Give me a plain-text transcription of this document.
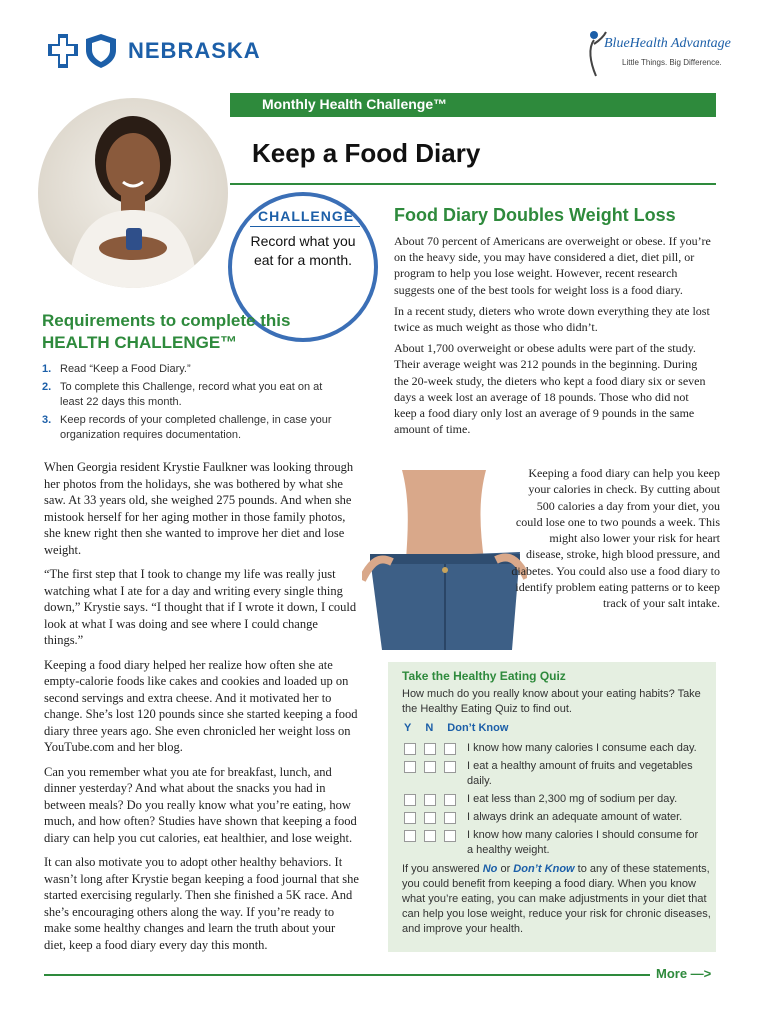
NEBRASKA	BlueHealth Advantage
Little Things. Big Difference.
Monthly Health Challenge™
Keep a Food Diary
CHALLENGE
Record what you eat for a month.
Requirements to complete this HEALTH CHALLENGE™
1. Read “Keep a Food Diary.”
2. To complete this Challenge, record what you eat on at least 22 days this month.
3. Keep records of your completed challenge, in case your organization requires documentation.

When Georgia resident Krystie Faulkner was looking through her photos from the holidays, she was bothered by what she saw. At 33 years old, she weighed 275 pounds. And when she mistook herself for her aging mother in those family photos, she knew right then she wanted to improve her diet and lose weight.

“The first step that I took to change my life was really just watching what I ate for a day and writing every single thing down,” Krystie says. “I thought that if I wrote it down, I could look at what I was doing and see where I could change things.”

Keeping a food diary helped her realize how often she ate empty-calorie foods like cakes and cookies and loaded up on second servings and extra cheese. And it motivated her to change. She’s lost 120 pounds since she started keeping a food diary three years ago. She even chronicled her weight loss on YouTube.com and her blog.

Can you remember what you ate for breakfast, lunch, and dinner yesterday? And what about the snacks you had in between meals? Do you really know what you’re eating, how much, and how often? Studies have shown that keeping a food diary can help you cut calories, eat healthier, and lose weight.

It can also motivate you to adopt other healthy behaviors. It wasn’t long after Krystie began keeping a food journal that she started exercising regularly. Then she finished a 5K race. And she’s encouraging others along the way. If you’re ready to make some healthy changes and learn the truth about your diet, keep a food diary every day this month.

Food Diary Doubles Weight Loss

About 70 percent of Americans are overweight or obese. If you’re on the heavy side, you may have considered a diet, diet pill, or program to help you lose weight. However, recent research suggests one of the best tools for weight loss is a food diary.

In a recent study, dieters who wrote down everything they ate lost twice as much weight as those who didn’t.

About 1,700 overweight or obese adults were part of the study. Their average weight was 212 pounds in the beginning. During the 20-week study, the dieters who kept a food diary six or seven days a week lost an average of 18 pounds. Those who did not keep a food diary only lost an average of 9 pounds in the same amount of time.

Keeping a food diary can help you keep your calories in check. By cutting about 500 calories a day from your diet, you could lose one to two pounds a week. This might also lower your risk for heart disease, stroke, high blood pressure, and diabetes. You could also use a food diary to identify problem eating patterns or to keep track of your salt intake.
Take the Healthy Eating Quiz
How much do you really know about your eating habits? Take the Healthy Eating Quiz to find out.
Y N Don’t Know
I know how many calories I consume each day.
I eat a healthy amount of fruits and vegetables daily.
I eat less than 2,300 mg of sodium per day.
I always drink an adequate amount of water.
I know how many calories I should consume for a healthy weight.
If you answered No or Don’t Know to any of these statements, you could benefit from keeping a food diary. When you know what you’re eating, you can make adjustments in your diet that can help you lose weight, reduce your risk for chronic diseases, and improve your health.
More —>
